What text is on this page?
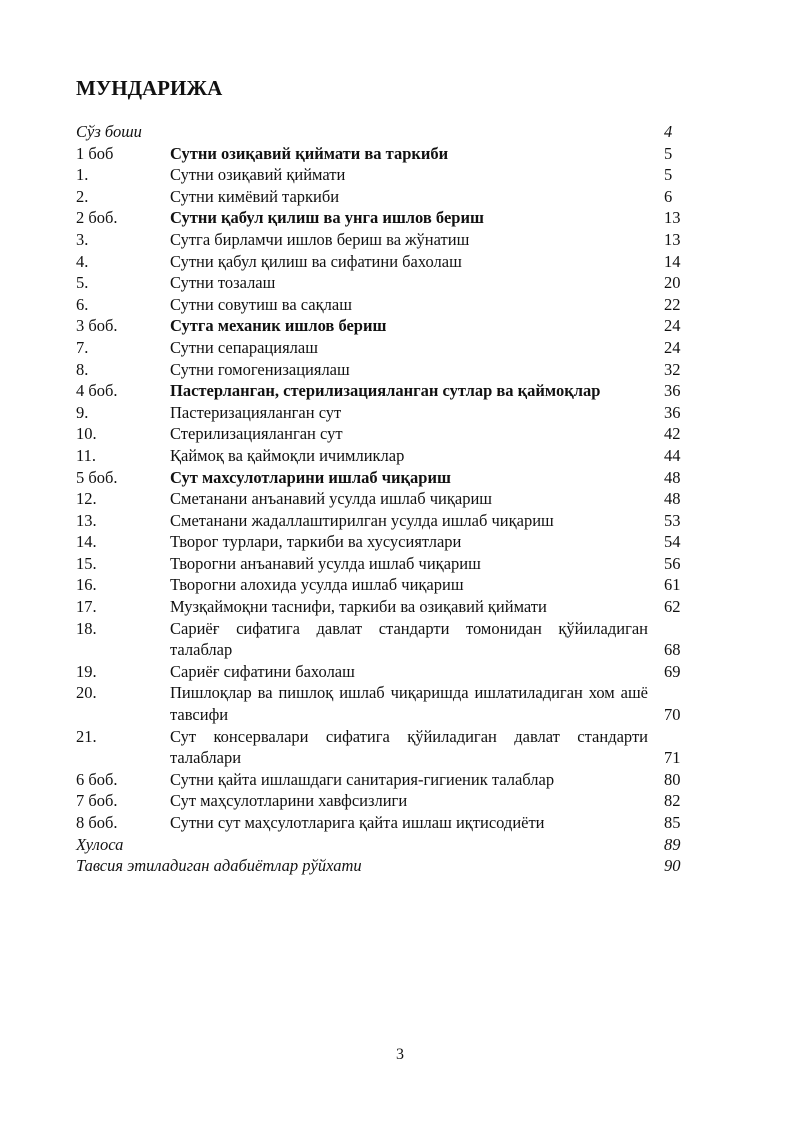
МУНДАРИЖА
Сўз боши	4
1 боб	Сутни озиқавий қиймати ва таркиби	5
1.	Сутни озиқавий қиймати	5
2.	Сутни кимёвий таркиби	6
2 боб.	Сутни қабул қилиш ва унга ишлов бериш	13
3.	Сутга бирламчи ишлов бериш ва жўнатиш	13
4.	Сутни қабул қилиш ва сифатини бахолаш	14
5.	Сутни тозалаш	20
6.	Сутни совутиш ва сақлаш	22
3 боб.	Сутга механик ишлов бериш	24
7.	Сутни сепарациялаш	24
8.	Сутни гомогенизациялаш	32
4 боб.	Пастерланган, стерилизацияланган сутлар ва қаймоқлар	36
9.	Пастеризацияланган сут	36
10.	Стерилизацияланган сут	42
11.	Қаймоқ ва қаймоқли ичимликлар	44
5 боб.	Сут махсулотларини ишлаб чиқариш	48
12.	Сметанани анъанавий усулда ишлаб чиқариш	48
13.	Сметанани жадаллаштирилган усулда ишлаб чиқариш	53
14.	Творог турлари, таркиби ва хусусиятлари	54
15.	Творогни анъанавий усулда ишлаб чиқариш	56
16.	Творогни алохида усулда ишлаб чиқариш	61
17.	Музқаймоқни таснифи, таркиби ва озиқавий қиймати	62
18.	Сариёғ сифатига давлат стандарти томонидан қўйиладиган талаблар	68
19.	Сариёғ сифатини бахолаш	69
20.	Пишлоқлар ва пишлоқ ишлаб чиқаришда ишлатиладиган хом ашё тавсифи	70
21.	Сут консервалари сифатига қўйиладиган давлат стандарти талаблари	71
6 боб.	Сутни қайта ишлашдаги санитария-гигиеник талаблар	80
7 боб.	Сут маҳсулотларини хавфсизлиги	82
8 боб.	Сутни сут маҳсулотларига қайта ишлаш иқтисодиёти	85
Хулоса	89
Тавсия этиладиган адабиётлар рўйхати	90
3
